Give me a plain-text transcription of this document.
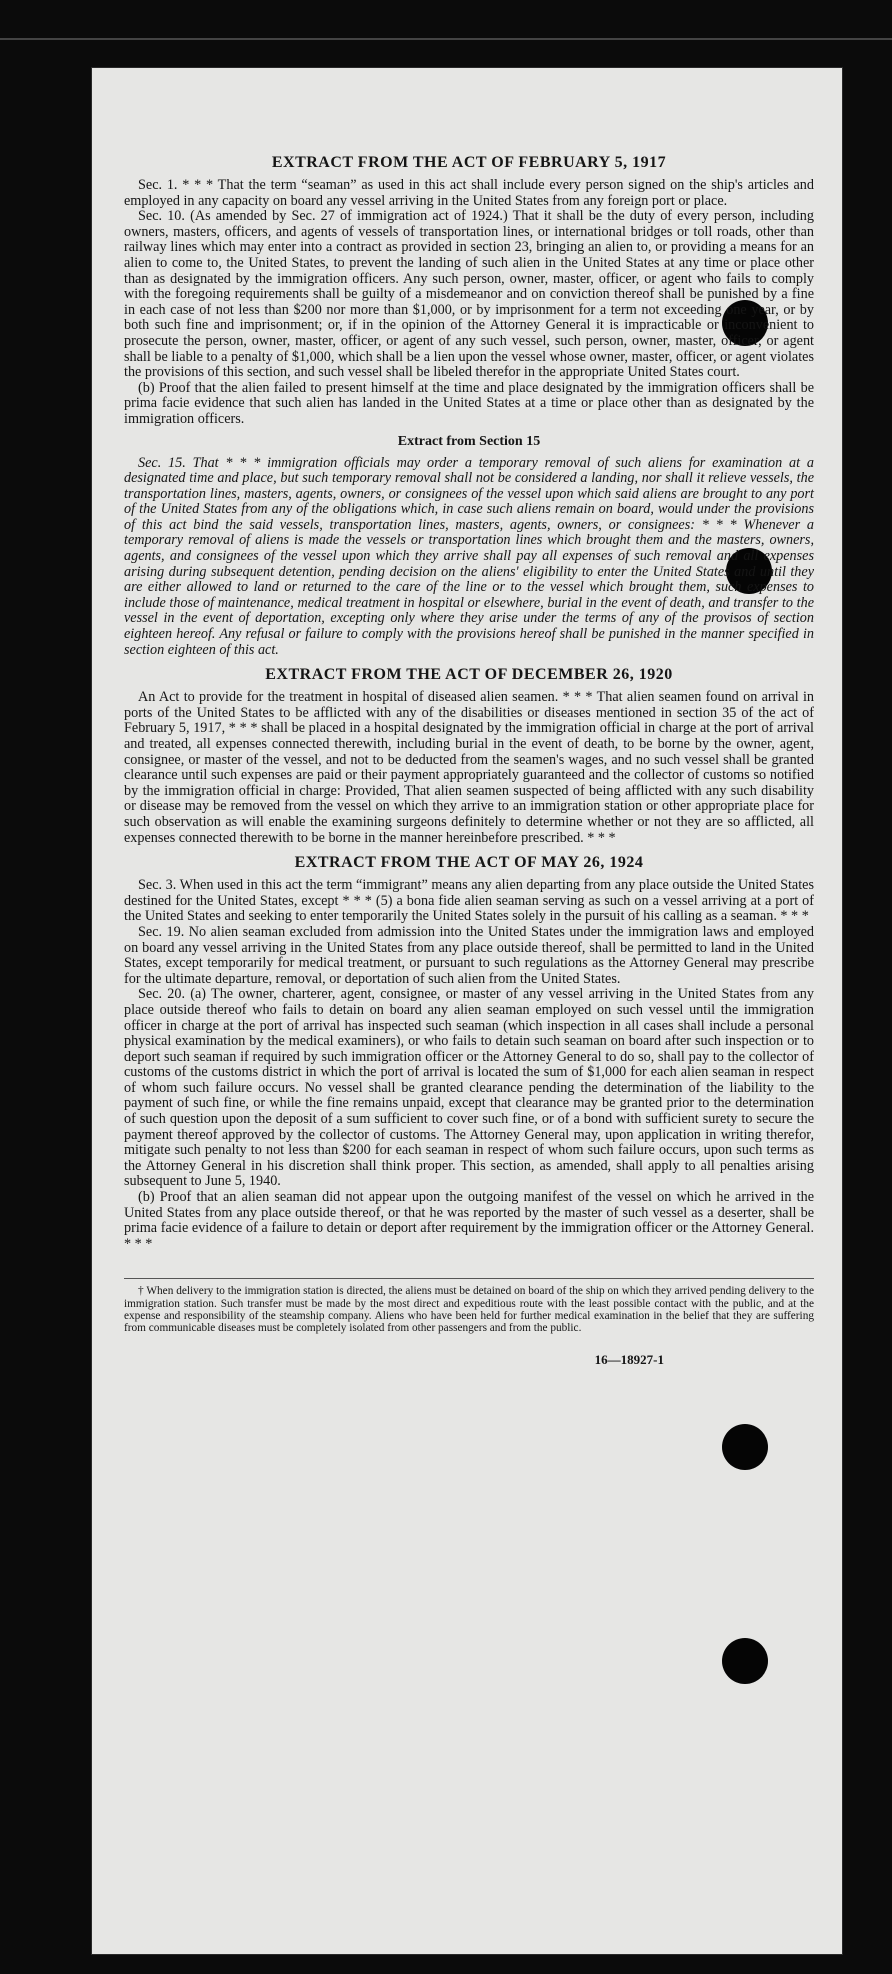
EXTRACT FROM THE ACT OF FEBRUARY 5, 1917

Sec. 1. * * * That the term “seaman” as used in this act shall include every person signed on the ship's articles and employed in any capacity on board any vessel arriving in the United States from any foreign port or place.

Sec. 10. (As amended by Sec. 27 of immigration act of 1924.) That it shall be the duty of every person, including owners, masters, officers, and agents of vessels of transportation lines, or international bridges or toll roads, other than railway lines which may enter into a contract as provided in section 23, bringing an alien to, or providing a means for an alien to come to, the United States, to prevent the landing of such alien in the United States at any time or place other than as designated by the immigration officers. Any such person, owner, master, officer, or agent who fails to comply with the foregoing requirements shall be guilty of a misdemeanor and on conviction thereof shall be punished by a fine in each case of not less than $200 nor more than $1,000, or by imprisonment for a term not exceeding one year, or by both such fine and imprisonment; or, if in the opinion of the Attorney General it is impracticable or inconvenient to prosecute the person, owner, master, officer, or agent of any such vessel, such person, owner, master, officer, or agent shall be liable to a penalty of $1,000, which shall be a lien upon the vessel whose owner, master, officer, or agent violates the provisions of this section, and such vessel shall be libeled therefor in the appropriate United States court.

(b) Proof that the alien failed to present himself at the time and place designated by the immigration officers shall be prima facie evidence that such alien has landed in the United States at a time or place other than as designated by the immigration officers.

Extract from Section 15

Sec. 15. That * * * immigration officials may order a temporary removal of such aliens for examination at a designated time and place, but such temporary removal shall not be considered a landing, nor shall it relieve vessels, the transportation lines, masters, agents, owners, or consignees of the vessel upon which said aliens are brought to any port of the United States from any of the obligations which, in case such aliens remain on board, would under the provisions of this act bind the said vessels, transportation lines, masters, agents, owners, or consignees: * * * Whenever a temporary removal of aliens is made the vessels or transportation lines which brought them and the masters, owners, agents, and consignees of the vessel upon which they arrive shall pay all expenses of such removal and all expenses arising during subsequent detention, pending decision on the aliens' eligibility to enter the United States and until they are either allowed to land or returned to the care of the line or to the vessel which brought them, such expenses to include those of maintenance, medical treatment in hospital or elsewhere, burial in the event of death, and transfer to the vessel in the event of deportation, excepting only where they arise under the terms of any of the provisos of section eighteen hereof. Any refusal or failure to comply with the provisions hereof shall be punished in the manner specified in section eighteen of this act.

EXTRACT FROM THE ACT OF DECEMBER 26, 1920

An Act to provide for the treatment in hospital of diseased alien seamen. * * * That alien seamen found on arrival in ports of the United States to be afflicted with any of the disabilities or diseases mentioned in section 35 of the act of February 5, 1917, * * * shall be placed in a hospital designated by the immigration official in charge at the port of arrival and treated, all expenses connected therewith, including burial in the event of death, to be borne by the owner, agent, consignee, or master of the vessel, and not to be deducted from the seamen's wages, and no such vessel shall be granted clearance until such expenses are paid or their payment appropriately guaranteed and the collector of customs so notified by the immigration official in charge: Provided, That alien seamen suspected of being afflicted with any such disability or disease may be removed from the vessel on which they arrive to an immigration station or other appropriate place for such observation as will enable the examining surgeons definitely to determine whether or not they are so afflicted, all expenses connected therewith to be borne in the manner hereinbefore prescribed. * * *

EXTRACT FROM THE ACT OF MAY 26, 1924

Sec. 3. When used in this act the term “immigrant” means any alien departing from any place outside the United States destined for the United States, except * * * (5) a bona fide alien seaman serving as such on a vessel arriving at a port of the United States and seeking to enter temporarily the United States solely in the pursuit of his calling as a seaman. * * *

Sec. 19. No alien seaman excluded from admission into the United States under the immigration laws and employed on board any vessel arriving in the United States from any place outside thereof, shall be permitted to land in the United States, except temporarily for medical treatment, or pursuant to such regulations as the Attorney General may prescribe for the ultimate departure, removal, or deportation of such alien from the United States.

Sec. 20. (a) The owner, charterer, agent, consignee, or master of any vessel arriving in the United States from any place outside thereof who fails to detain on board any alien seaman employed on such vessel until the immigration officer in charge at the port of arrival has inspected such seaman (which inspection in all cases shall include a personal physical examination by the medical examiners), or who fails to detain such seaman on board after such inspection or to deport such seaman if required by such immigration officer or the Attorney General to do so, shall pay to the collector of customs of the customs district in which the port of arrival is located the sum of $1,000 for each alien seaman in respect of whom such failure occurs. No vessel shall be granted clearance pending the determination of the liability to the payment of such fine, or while the fine remains unpaid, except that clearance may be granted prior to the determination of such question upon the deposit of a sum sufficient to cover such fine, or of a bond with sufficient surety to secure the payment thereof approved by the collector of customs. The Attorney General may, upon application in writing therefor, mitigate such penalty to not less than $200 for each seaman in respect of whom such failure occurs, upon such terms as the Attorney General in his discretion shall think proper. This section, as amended, shall apply to all penalties arising subsequent to June 5, 1940.

(b) Proof that an alien seaman did not appear upon the outgoing manifest of the vessel on which he arrived in the United States from any place outside thereof, or that he was reported by the master of such vessel as a deserter, shall be prima facie evidence of a failure to detain or deport after requirement by the immigration officer or the Attorney General. * * *

† When delivery to the immigration station is directed, the aliens must be detained on board of the ship on which they arrived pending delivery to the immigration station. Such transfer must be made by the most direct and expeditious route with the least possible contact with the public, and at the expense and responsibility of the steamship company. Aliens who have been held for further medical examination in the belief that they are suffering from communicable diseases must be completely isolated from other passengers and from the public.

16—18927-1
